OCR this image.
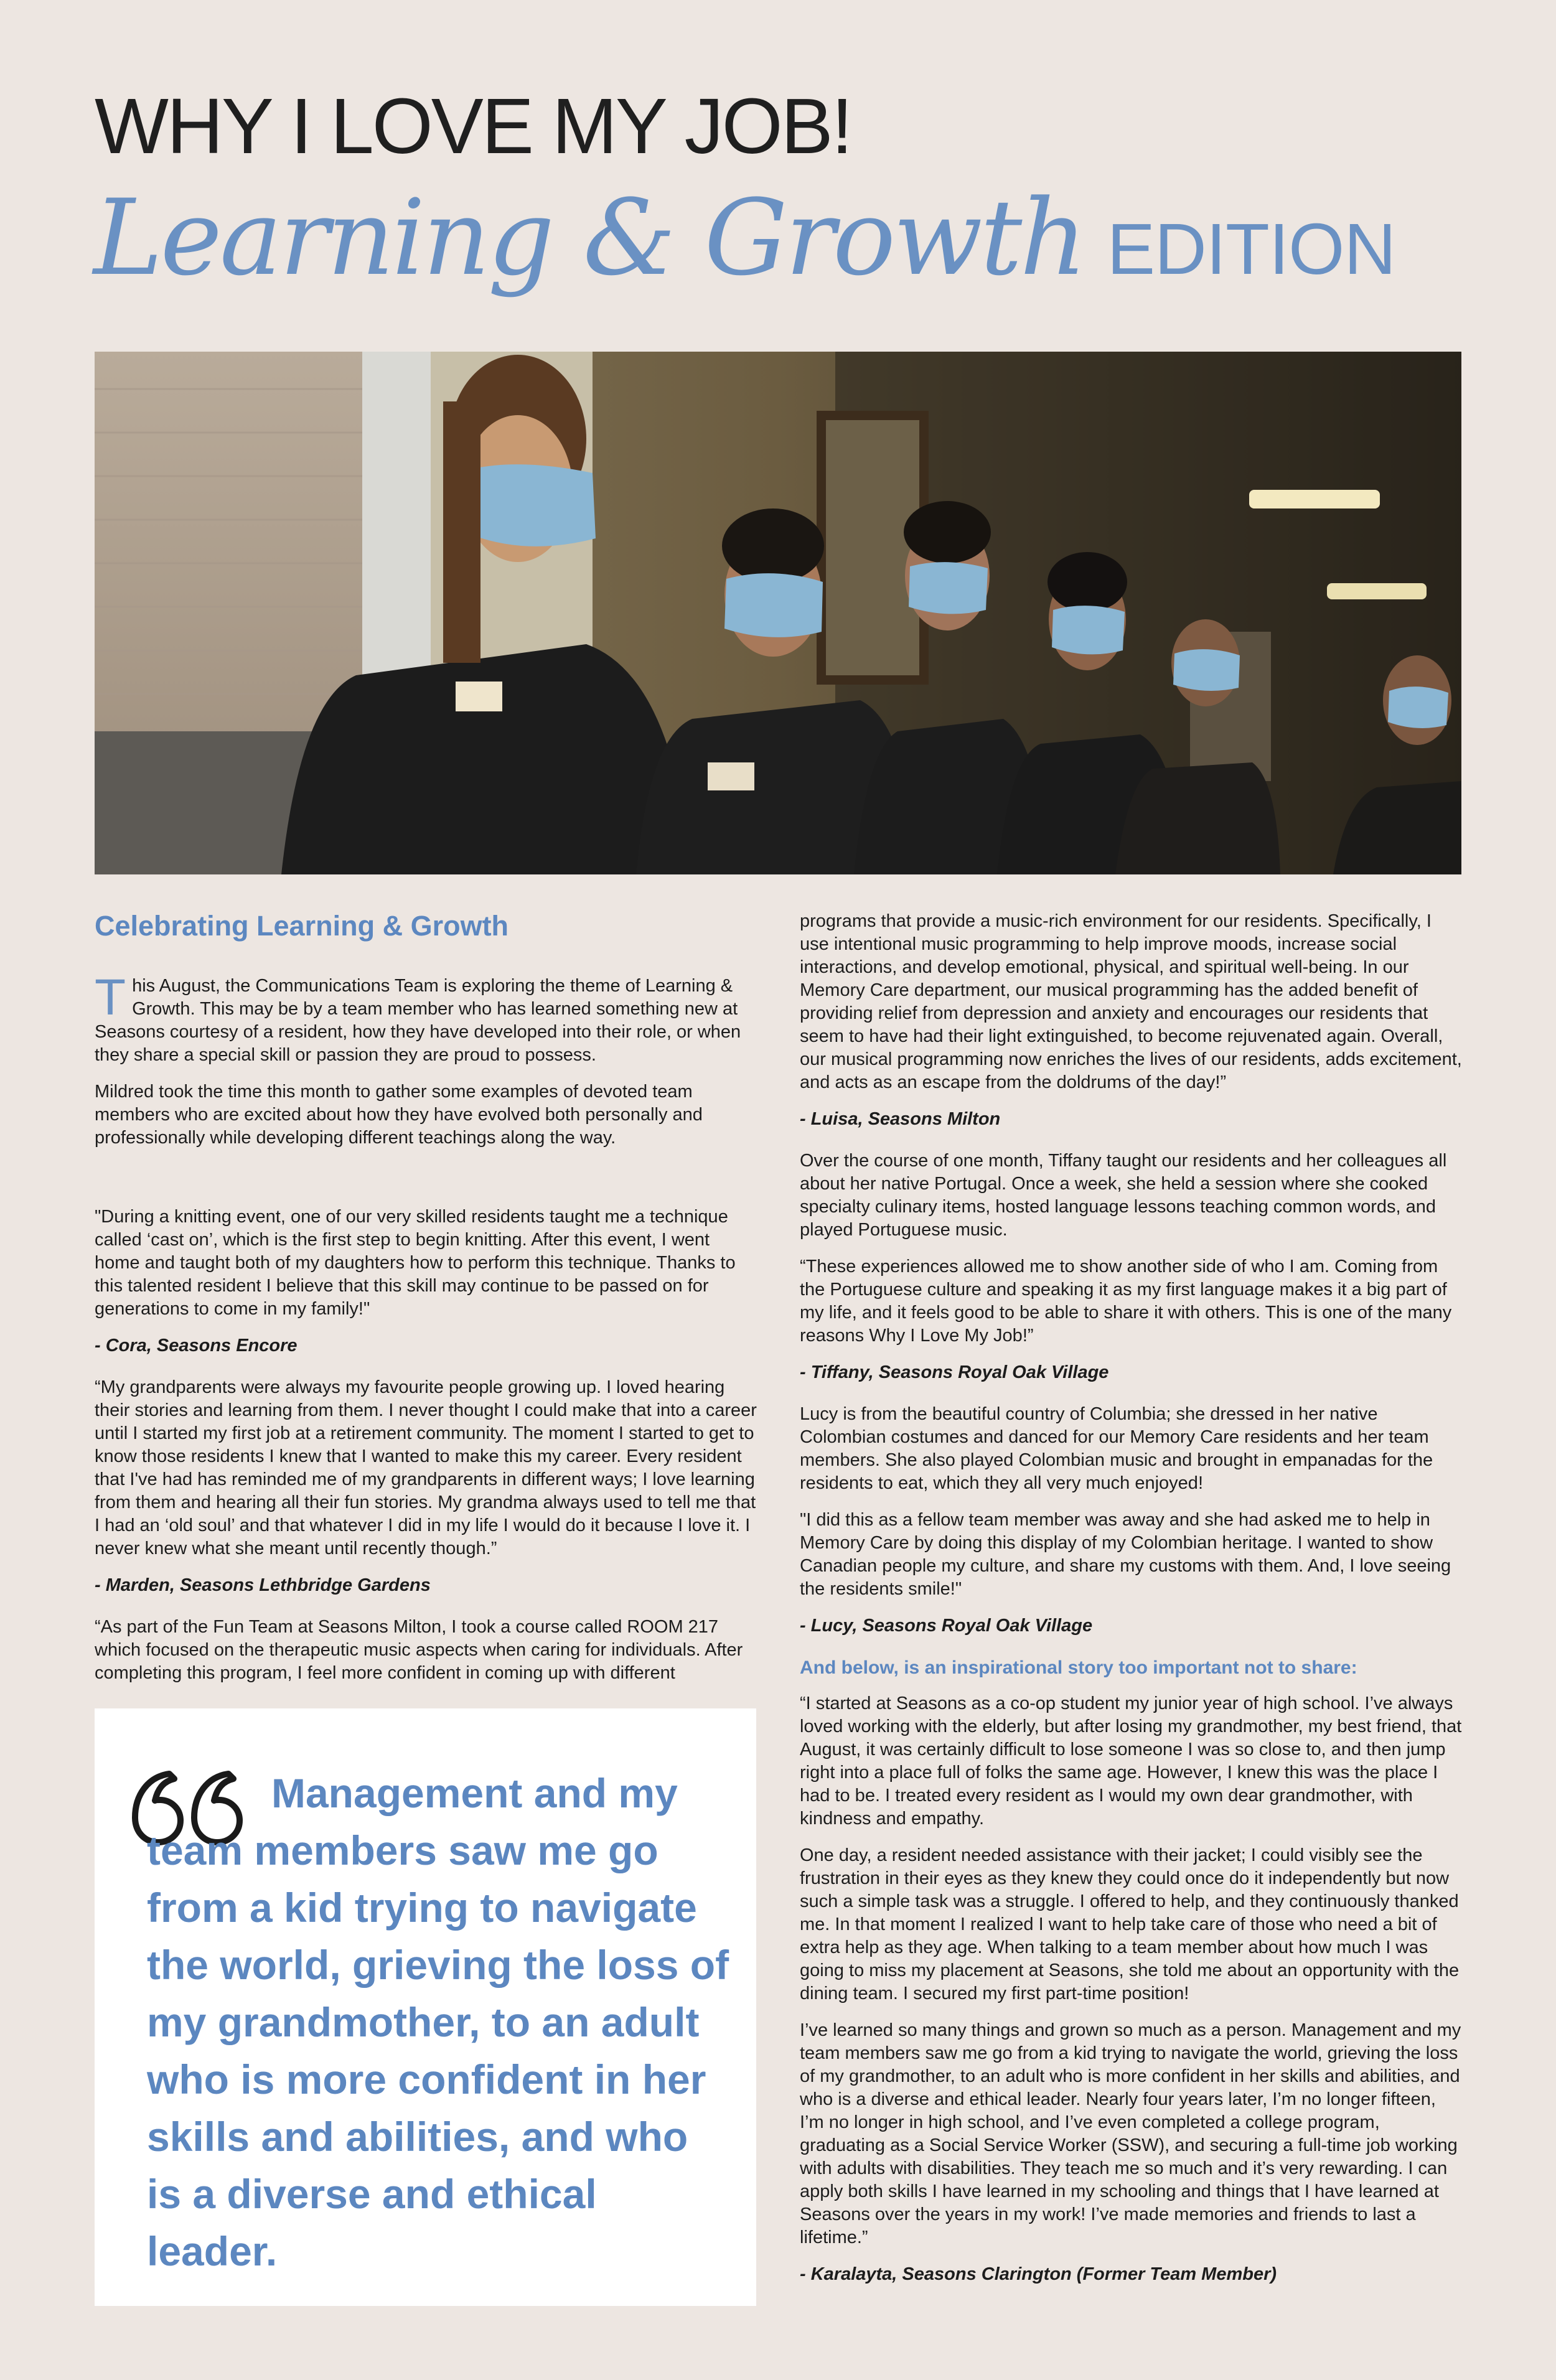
WHY I LOVE MY JOB!
Learning & Growth EDITION
Celebrating Learning & Growth

This August, the Communications Team is exploring the theme of Learning & Growth. This may be by a team member who has learned something new at Seasons courtesy of a resident, how they have developed into their role, or when they share a special skill or passion they are proud to possess.

Mildred took the time this month to gather some examples of devoted team members who are excited about how they have evolved both personally and professionally while developing different teachings along the way.

"During a knitting event, one of our very skilled residents taught me a technique called ‘cast on’, which is the first step to begin knitting. After this event, I went home and taught both of my daughters how to perform this technique. Thanks to this talented resident I believe that this skill may continue to be passed on for generations to come in my family!"

- Cora, Seasons Encore

“My grandparents were always my favourite people growing up. I loved hearing their stories and learning from them. I never thought I could make that into a career until I started my first job at a retirement community. The moment I started to get to know those residents I knew that I wanted to make this my career. Every resident that I've had has reminded me of my grandparents in different ways; I love learning from them and hearing all their fun stories. My grandma always used to tell me that I had an ‘old soul’ and that whatever I did in my life I would do it because I love it. I never knew what she meant until recently though.”

- Marden, Seasons Lethbridge Gardens

“As part of the Fun Team at Seasons Milton, I took a course called ROOM 217 which focused on the therapeutic music aspects when caring for individuals. After completing this program, I feel more confident in coming up with different

Management and my team members saw me go from a kid trying to navigate the world, grieving the loss of my grandmother, to an adult who is more confident in her skills and abilities, and who is a diverse and ethical leader.

programs that provide a music-rich environment for our residents. Specifically, I use intentional music programming to help improve moods, increase social interactions, and develop emotional, physical, and spiritual well-being. In our Memory Care department, our musical programming has the added benefit of providing relief from depression and anxiety and encourages our residents that seem to have had their light extinguished, to become rejuvenated again. Overall, our musical programming now enriches the lives of our residents, adds excitement, and acts as an escape from the doldrums of the day!”

- Luisa, Seasons Milton

Over the course of one month, Tiffany taught our residents and her colleagues all about her native Portugal. Once a week, she held a session where she cooked specialty culinary items, hosted language lessons teaching common words, and played Portuguese music.

“These experiences allowed me to show another side of who I am. Coming from the Portuguese culture and speaking it as my first language makes it a big part of my life, and it feels good to be able to share it with others. This is one of the many reasons Why I Love My Job!”

- Tiffany, Seasons Royal Oak Village

Lucy is from the beautiful country of Columbia; she dressed in her native Colombian costumes and danced for our Memory Care residents and her team members. She also played Colombian music and brought in empanadas for the residents to eat, which they all very much enjoyed!

"I did this as a fellow team member was away and she had asked me to help in Memory Care by doing this display of my Colombian heritage. I wanted to show Canadian people my culture, and share my customs with them. And, I love seeing the residents smile!"

- Lucy, Seasons Royal Oak Village

And below, is an inspirational story too important not to share:

“I started at Seasons as a co-op student my junior year of high school. I’ve always loved working with the elderly, but after losing my grandmother, my best friend, that August, it was certainly difficult to lose someone I was so close to, and then jump right into a place full of folks the same age. However, I knew this was the place I had to be. I treated every resident as I would my own dear grandmother, with kindness and empathy.

One day, a resident needed assistance with their jacket; I could visibly see the frustration in their eyes as they knew they could once do it independently but now such a simple task was a struggle. I offered to help, and they continuously thanked me. In that moment I realized I want to help take care of those who need a bit of extra help as they age. When talking to a team member about how much I was going to miss my placement at Seasons, she told me about an opportunity with the dining team. I secured my first part-time position!

I’ve learned so many things and grown so much as a person. Management and my team members saw me go from a kid trying to navigate the world, grieving the loss of my grandmother, to an adult who is more confident in her skills and abilities, and who is a diverse and ethical leader. Nearly four years later, I’m no longer fifteen, I’m no longer in high school, and I’ve even completed a college program, graduating as a Social Service Worker (SSW), and securing a full-time job working with adults with disabilities. They teach me so much and it’s very rewarding. I can apply both skills I have learned in my schooling and things that I have learned at Seasons over the years in my work! I’ve made memories and friends to last a lifetime.”

- Karalayta, Seasons Clarington (Former Team Member)
